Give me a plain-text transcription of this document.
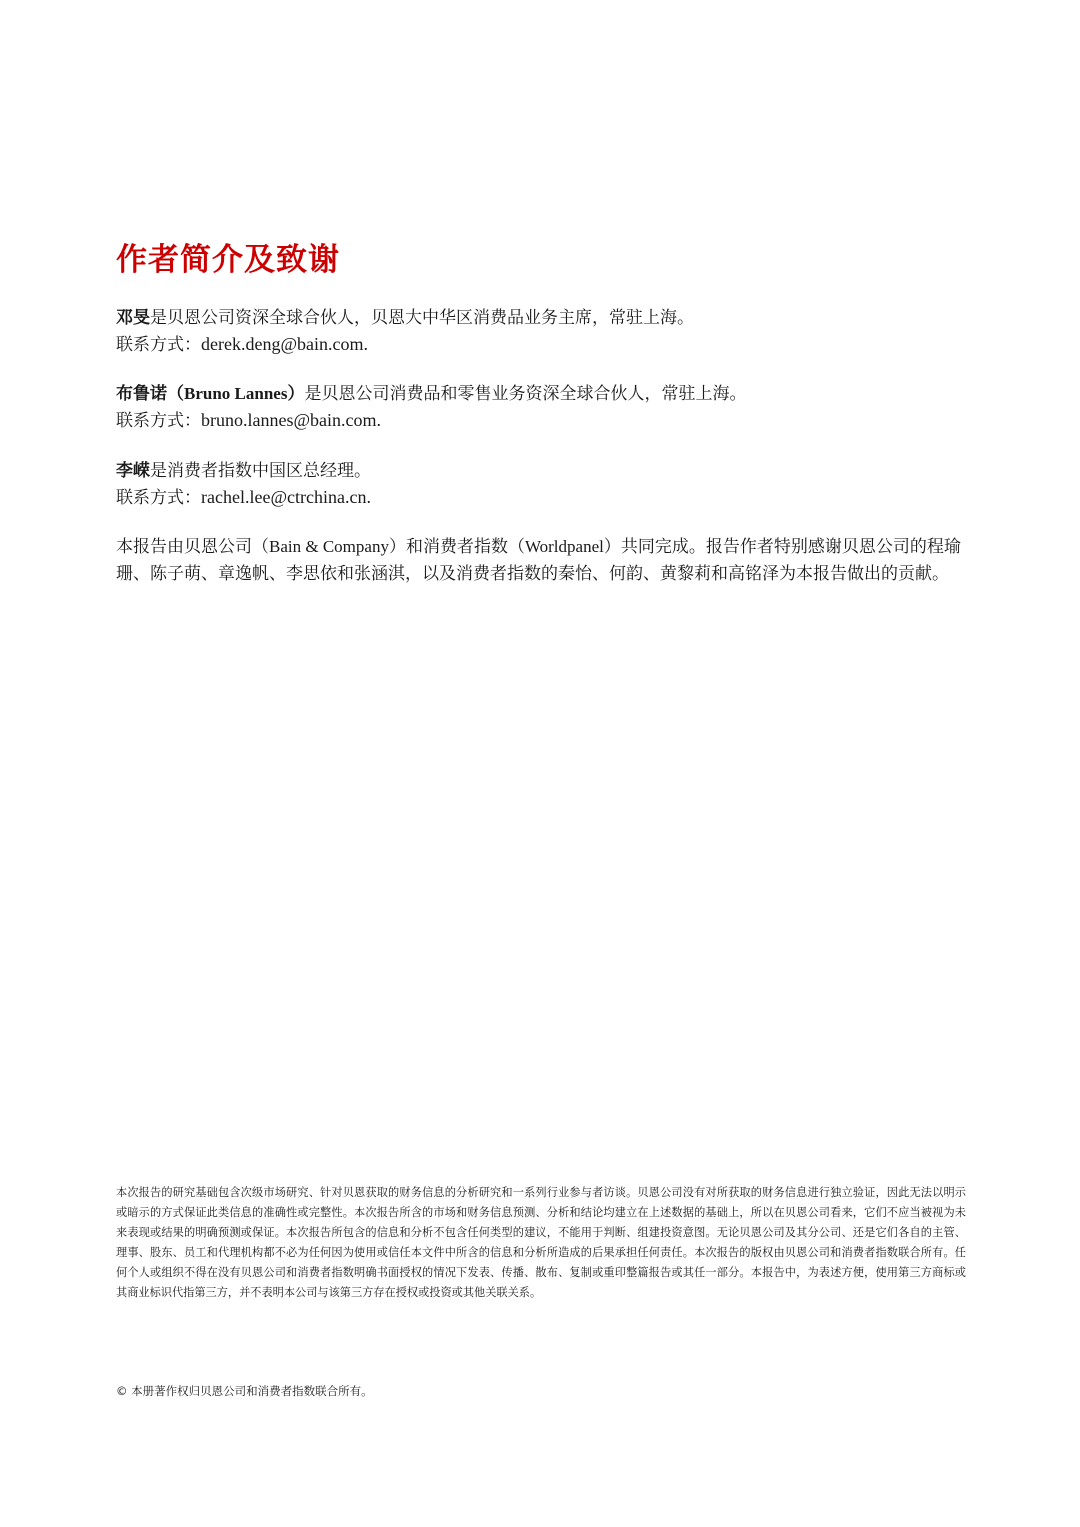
作者简介及致谢

邓旻是贝恩公司资深全球合伙人，贝恩大中华区消费品业务主席，常驻上海。

联系方式：derek.deng@bain.com.

布鲁诺（Bruno Lannes）是贝恩公司消费品和零售业务资深全球合伙人，常驻上海。

联系方式：bruno.lannes@bain.com.

李嵘是消费者指数中国区总经理。

联系方式：rachel.lee@ctrchina.cn.

本报告由贝恩公司（Bain & Company）和消费者指数（Worldpanel）共同完成。报告作者特别感谢贝恩公司的程瑜珊、陈子萌、章逸帆、李思依和张涵淇，以及消费者指数的秦怡、何韵、黄黎莉和高铭泽为本报告做出的贡献。

本次报告的研究基础包含次级市场研究、针对贝恩获取的财务信息的分析研究和一系列行业参与者访谈。贝恩公司没有对所获取的财务信息进行独立验证，因此无法以明示或暗示的方式保证此类信息的准确性或完整性。本次报告所含的市场和财务信息预测、分析和结论均建立在上述数据的基础上，所以在贝恩公司看来，它们不应当被视为未来表现或结果的明确预测或保证。本次报告所包含的信息和分析不包含任何类型的建议，不能用于判断、组建投资意图。无论贝恩公司及其分公司、还是它们各自的主管、理事、股东、员工和代理机构都不必为任何因为使用或信任本文件中所含的信息和分析所造成的后果承担任何责任。本次报告的版权由贝恩公司和消费者指数联合所有。任何个人或组织不得在没有贝恩公司和消费者指数明确书面授权的情况下发表、传播、散布、复制或重印整篇报告或其任一部分。本报告中，为表述方便，使用第三方商标或其商业标识代指第三方，并不表明本公司与该第三方存在授权或投资或其他关联关系。

© 本册著作权归贝恩公司和消费者指数联合所有。
